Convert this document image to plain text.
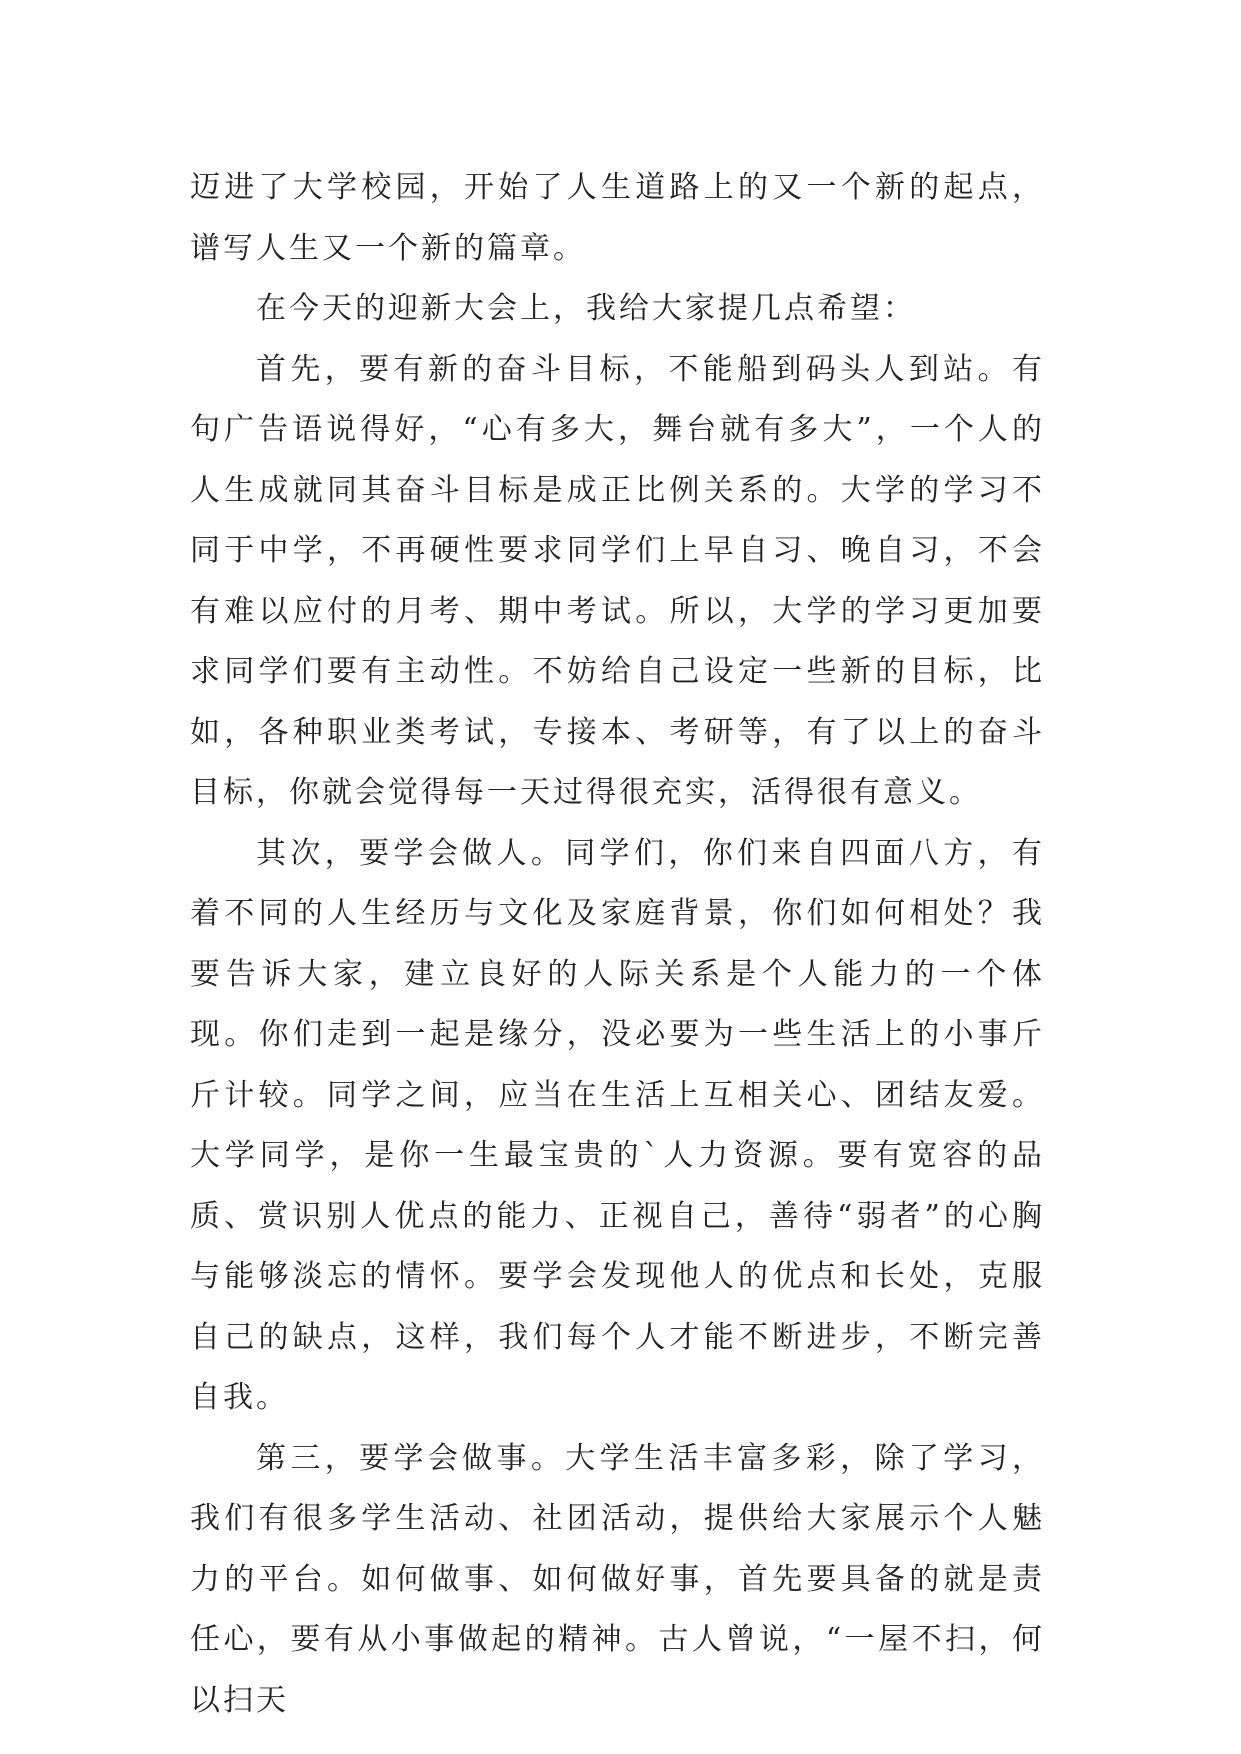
迈进了大学校园，开始了人生道路上的又一个新的起点，谱写人生又一个新的篇章。

在今天的迎新大会上，我给大家提几点希望：

首先，要有新的奋斗目标，不能船到码头人到站。有句广告语说得好，“心有多大，舞台就有多大”，一个人的人生成就同其奋斗目标是成正比例关系的。大学的学习不同于中学，不再硬性要求同学们上早自习、晚自习，不会有难以应付的月考、期中考试。所以，大学的学习更加要求同学们要有主动性。不妨给自己设定一些新的目标，比如，各种职业类考试，专接本、考研等，有了以上的奋斗目标，你就会觉得每一天过得很充实，活得很有意义。

其次，要学会做人。同学们，你们来自四面八方，有着不同的人生经历与文化及家庭背景，你们如何相处？我要告诉大家，建立良好的人际关系是个人能力的一个体现。你们走到一起是缘分，没必要为一些生活上的小事斤斤计较。同学之间，应当在生活上互相关心、团结友爱。大学同学，是你一生最宝贵的`人力资源。要有宽容的品质、赏识别人优点的能力、正视自己，善待“弱者”的心胸与能够淡忘的情怀。要学会发现他人的优点和长处，克服自己的缺点，这样，我们每个人才能不断进步，不断完善自我。

第三，要学会做事。大学生活丰富多彩，除了学习，我们有很多学生活动、社团活动，提供给大家展示个人魅力的平台。如何做事、如何做好事，首先要具备的就是责任心，要有从小事做起的精神。古人曾说，“一屋不扫，何以扫天
